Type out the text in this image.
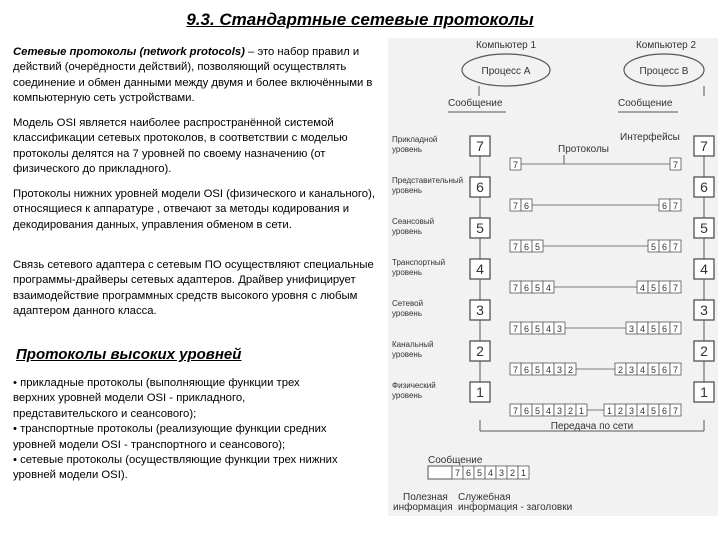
9.3. Стандартные сетевые протоколы
Сетевые протоколы (network protocols) – это набор правил и действий (очерёдности действий), позволяющий осуществлять соединение и обмен данными между двумя и более включёнными в компьютерную сеть устройствами.
Модель OSI является наиболее распространённой системой классификации сетевых протоколов, в соответствии с моделью протоколы делятся на 7 уровней по своему назначению (от физического до прикладного).
Протоколы нижних уровней модели OSI (физического и канального), относящиеся к аппаратуре , отвечают за методы кодирования и декодирования данных, управления обменом в сети.
Связь сетевого адаптера с сетевым ПО осуществляют специальные программы-драйверы сетевых адаптеров. Драйвер унифицирует взаимодействие программных средств высокого уровня с любым адаптером данного класса.
Протоколы высоких уровней
• прикладные протоколы (выполняющие функции трех верхних уровней модели OSI - прикладного, представительского и сеансового);
• транспортные протоколы (реализующие функции средних уровней модели OSI - транспортного и сеансового);
• сетевые протоколы (осуществляющие функции трех нижних уровней модели OSI).
Компьютер 1	Компьютер 2
Процесс А	Процесс В
Сообщение	Сообщение
Интерфейсы
Протоколы
Прикладной
уровень	7	7
Представительный
уровень	6	6
Сеансовый
уровень	5	5
Транспортный
уровень	4	4
Сетевой
уровень	3	3
Канальный
уровень	2	2
Физический
уровень	1	1
7	7
7 6	6 7
7 6 5	5 6 7
7 6 5 4	4 5 6 7
7 6 5 4 3	3 4 5 6 7
7 6 5 4 3 2	2 3 4 5 6 7
7 6 5 4 3 2 1	1 2 3 4 5 6 7
Передача по сети
Сообщение
7 6 5 4 3 2 1
Полезная
информация
Служебная
информация - заголовки
